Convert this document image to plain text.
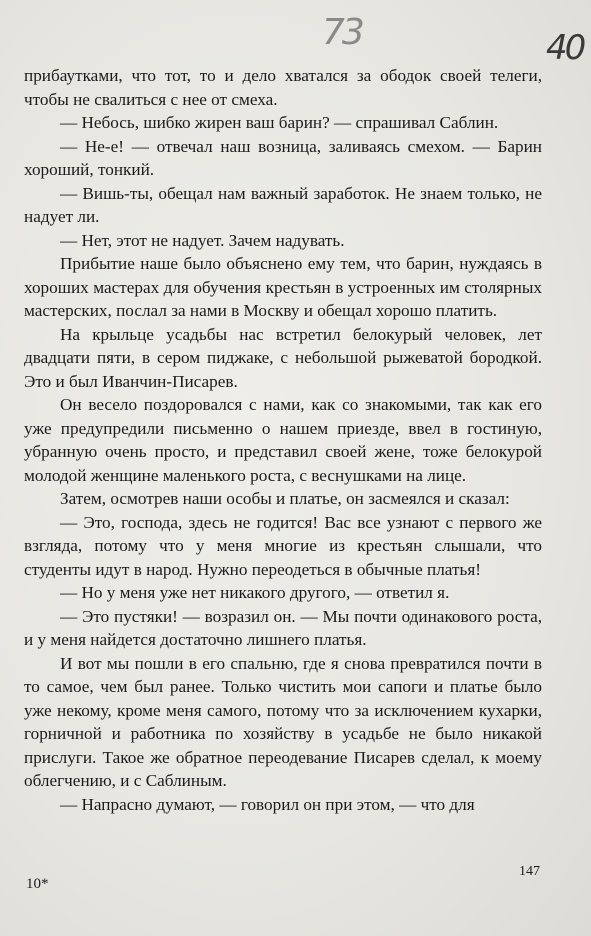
73	40

прибаутками, что тот, то и дело хватался за ободок своей телеги, чтобы не свалиться с нее от смеха.

— Небось, шибко жирен ваш барин? — спрашивал Саблин.

— Не-е! — отвечал наш возница, заливаясь смехом. — Барин хороший, тонкий.

— Вишь-ты, обещал нам важный заработок. Не знаем только, не надует ли.

— Нет, этот не надует. Зачем надувать.

Прибытие наше было объяснено ему тем, что барин, нуждаясь в хороших мастерах для обучения крестьян в устроенных им столярных мастерских, послал за нами в Москву и обещал хорошо платить.

На крыльце усадьбы нас встретил белокурый человек, лет двадцати пяти, в сером пиджаке, с небольшой рыжеватой бородкой. Это и был Иванчин-Писарев.

Он весело поздоровался с нами, как со знакомыми, так как его уже предупредили письменно о нашем приезде, ввел в гостиную, убранную очень просто, и представил своей жене, тоже белокурой молодой женщине маленького роста, с веснушками на лице.

Затем, осмотрев наши особы и платье, он засмеялся и сказал:

— Это, господа, здесь не годится! Вас все узнают с первого же взгляда, потому что у меня многие из крестьян слышали, что студенты идут в народ. Нужно переодеться в обычные платья!

— Но у меня уже нет никакого другого, — ответил я.

— Это пустяки! — возразил он. — Мы почти одинакового роста, и у меня найдется достаточно лишнего платья.

И вот мы пошли в его спальню, где я снова превратился почти в то самое, чем был ранее. Только чистить мои сапоги и платье было уже некому, кроме меня самого, потому что за исключением кухарки, горничной и работника по хозяйству в усадьбе не было никакой прислуги. Такое же обратное переодевание Писарев сделал, к моему облегчению, и с Саблиным.

— Напрасно думают, — говорил он при этом, — что для

10*
147
